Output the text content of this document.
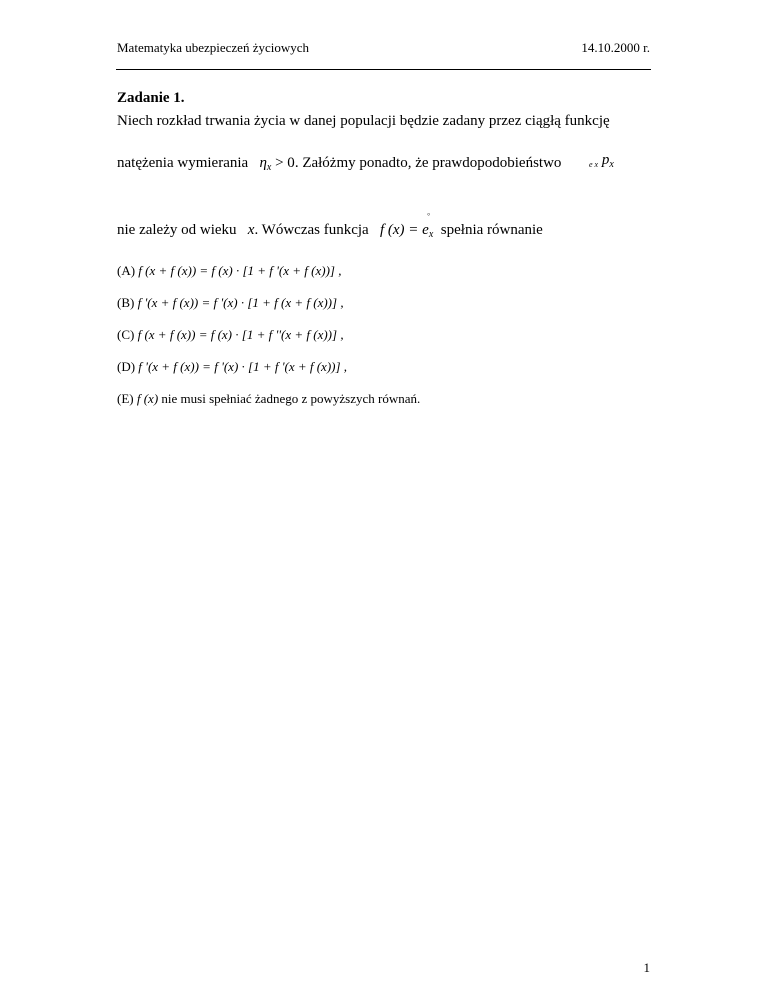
Matematyka ubezpieczeń życiowych	14.10.2000 r.
Zadanie 1.
Niech rozkład trwania życia w danej populacji będzie zadany przez ciągłą funkcję
natężenia wymierania $\eta_x > 0$. Załóżmy ponadto, że prawdopodobieństwo	$_{e x}$ $p_x$
nie zależy od wieku x. Wówczas funkcja f (x) = e
°
$_x$ spełnia równanie
(A) f (x + f (x)) = f (x) · [1 + f '(x + f (x))] ,
(B) f '(x + f (x)) = f '(x) · [1 + f (x + f (x))] ,
(C) f (x + f (x)) = f (x) · [1 + f ''(x + f (x))] ,
(D) f '(x + f (x)) = f '(x) · [1 + f '(x + f (x))] ,
(E) f (x) nie musi spełniać żadnego z powyższych równań.
1
